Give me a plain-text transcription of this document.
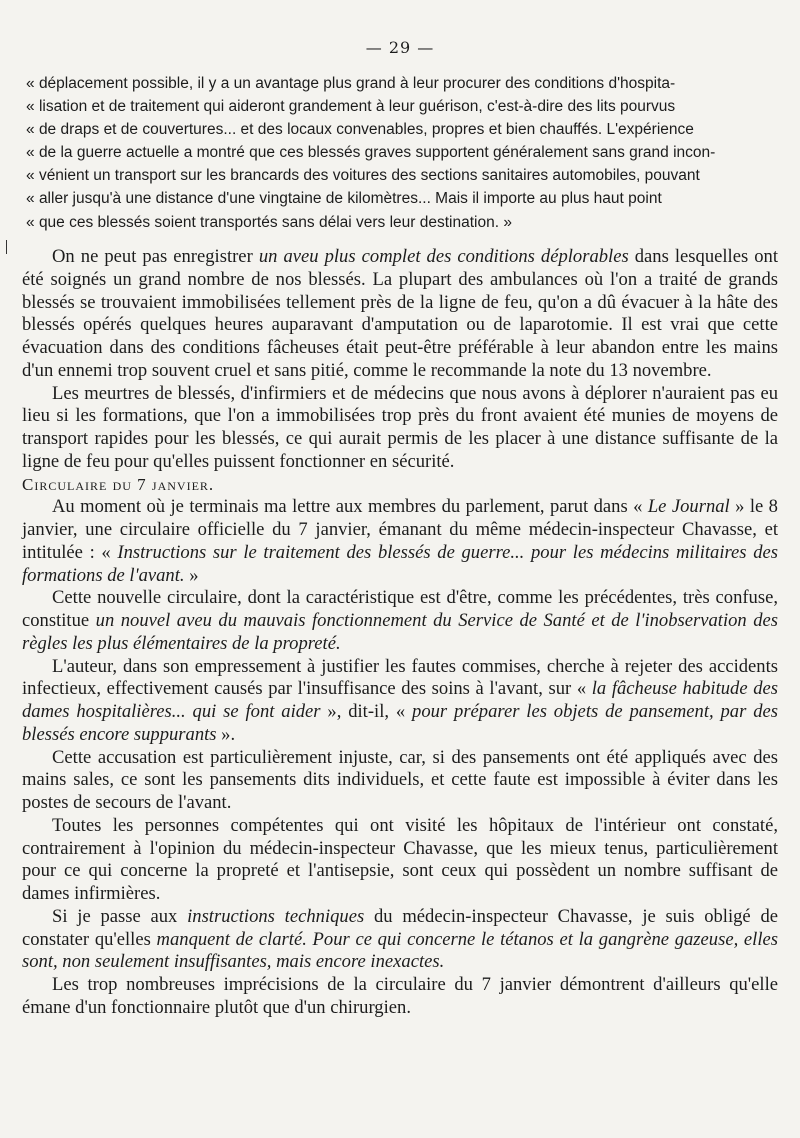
— 29 —
«
déplacement possible, il y a un avantage plus grand à leur procurer des conditions d'hospita-
«
lisation et de traitement qui aideront grandement à leur guérison, c'est-à-dire des lits pourvus
«
de draps et de couvertures... et des locaux convenables, propres et bien chauffés. L'expérience
«
de la guerre actuelle a montré que ces blessés graves supportent généralement sans grand incon-
«
vénient un transport sur les brancards des voitures des sections sanitaires automobiles, pouvant
«
aller jusqu'à une distance d'une vingtaine de kilomètres... Mais il importe au plus haut point
«
que ces blessés soient transportés sans délai vers leur destination. »

On ne peut pas enregistrer un aveu plus complet des conditions déplorables dans lesquelles ont été soignés un grand nombre de nos blessés. La plupart des ambulances où l'on a traité de grands blessés se trouvaient immobilisées tellement près de la ligne de feu, qu'on a dû évacuer à la hâte des blessés opérés quelques heures auparavant d'amputation ou de laparotomie. Il est vrai que cette évacuation dans des conditions fâcheuses était peut-être préférable à leur abandon entre les mains d'un ennemi trop souvent cruel et sans pitié, comme le recommande la note du 13 novembre.

Les meurtres de blessés, d'infirmiers et de médecins que nous avons à déplorer n'auraient pas eu lieu si les formations, que l'on a immobilisées trop près du front avaient été munies de moyens de transport rapides pour les blessés, ce qui aurait permis de les placer à une distance suffisante de la ligne de feu pour qu'elles puissent fonctionner en sécurité.

Circulaire du 7 janvier.

Au moment où je terminais ma lettre aux membres du parlement, parut dans « Le Journal » le 8 janvier, une circulaire officielle du 7 janvier, émanant du même médecin-inspecteur Chavasse, et intitulée : « Instructions sur le traitement des blessés de guerre... pour les médecins militaires des formations de l'avant. »

Cette nouvelle circulaire, dont la caractéristique est d'être, comme les précédentes, très confuse, constitue un nouvel aveu du mauvais fonctionnement du Service de Santé et de l'inobservation des règles les plus élémentaires de la propreté.

L'auteur, dans son empressement à justifier les fautes commises, cherche à rejeter des accidents infectieux, effectivement causés par l'insuffisance des soins à l'avant, sur « la fâcheuse habitude des dames hospitalières... qui se font aider », dit-il, « pour préparer les objets de pansement, par des blessés encore suppurants ».

Cette accusation est particulièrement injuste, car, si des pansements ont été appliqués avec des mains sales, ce sont les pansements dits individuels, et cette faute est impossible à éviter dans les postes de secours de l'avant.

Toutes les personnes compétentes qui ont visité les hôpitaux de l'intérieur ont constaté, contrairement à l'opinion du médecin-inspecteur Chavasse, que les mieux tenus, particulièrement pour ce qui concerne la propreté et l'antisepsie, sont ceux qui possèdent un nombre suffisant de dames infirmières.

Si je passe aux instructions techniques du médecin-inspecteur Chavasse, je suis obligé de constater qu'elles manquent de clarté. Pour ce qui concerne le tétanos et la gangrène gazeuse, elles sont, non seulement insuffisantes, mais encore inexactes.

Les trop nombreuses imprécisions de la circulaire du 7 janvier démontrent d'ailleurs qu'elle émane d'un fonctionnaire plutôt que d'un chirurgien.
